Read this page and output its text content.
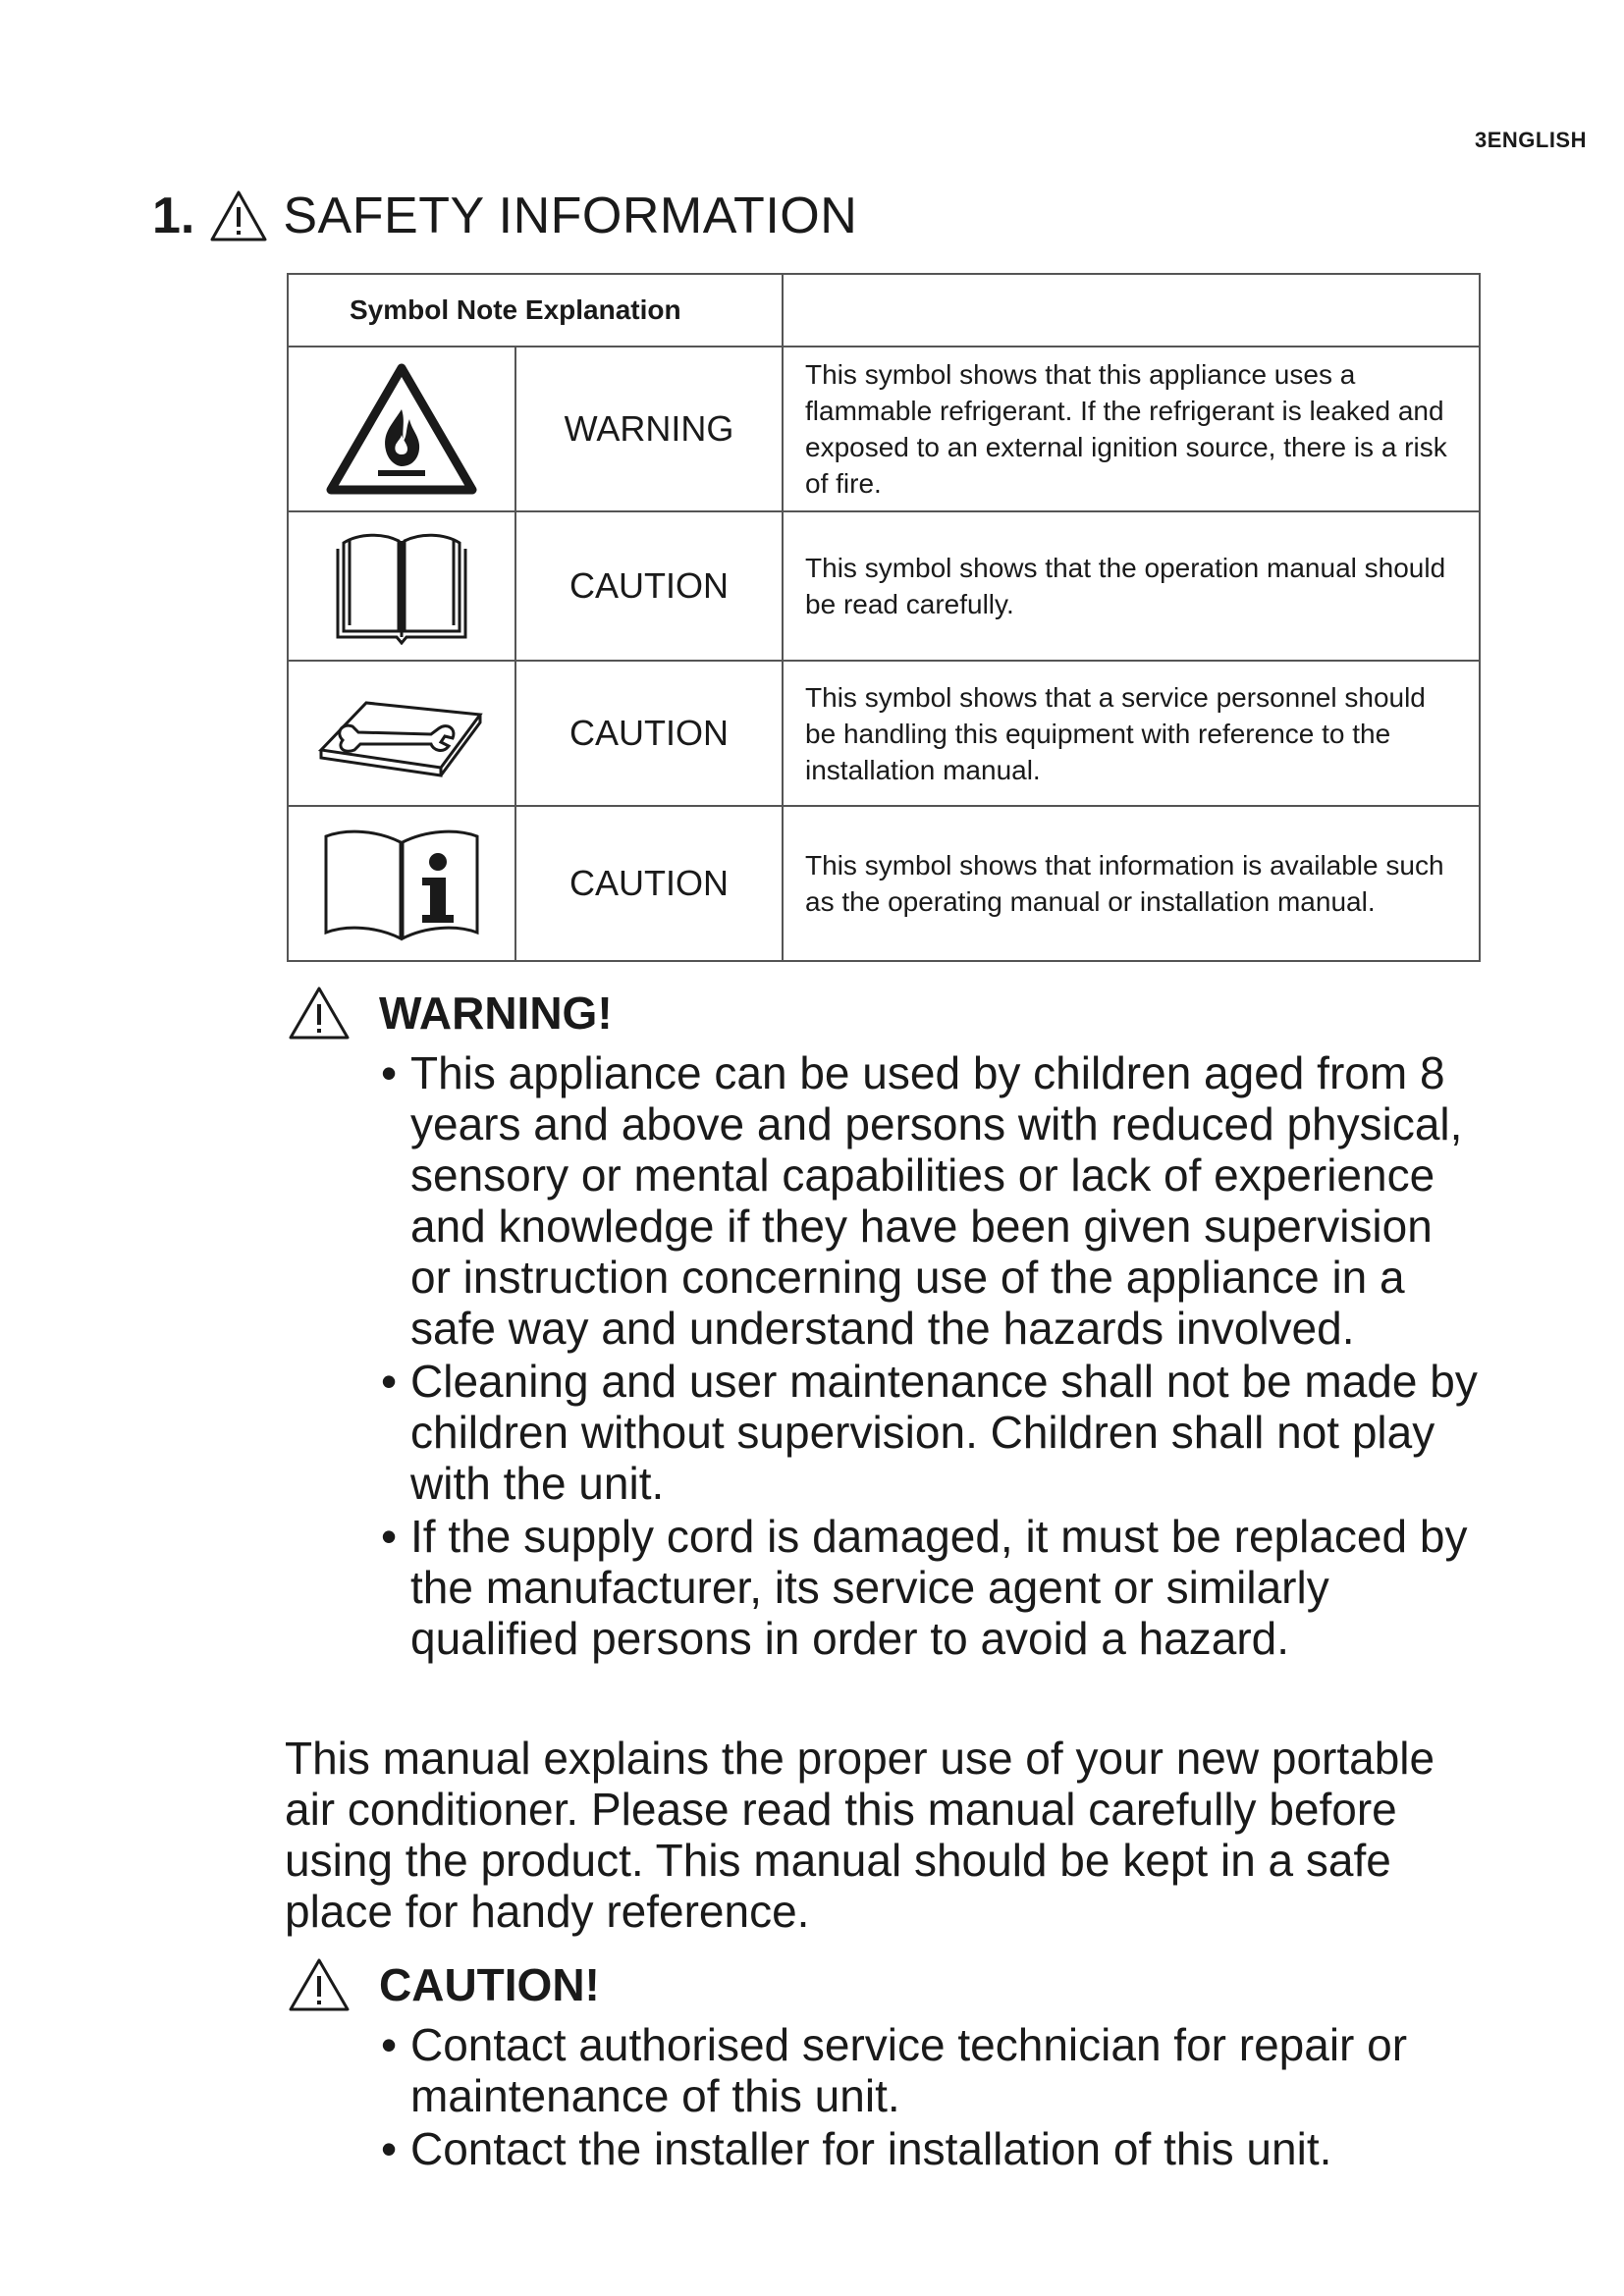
3ENGLISH
1. SAFETY INFORMATION
Symbol Note Explanation		

	WARNING	This symbol shows that this appliance uses a flammable refrigerant. If the refrigerant is leaked and exposed to an external ignition source, there is a risk of fire.

	CAUTION	This symbol shows that the operation manual should be read carefully.

	CAUTION	This symbol shows that a service personnel should be handling this equipment with reference to the installation manual.

	CAUTION	This symbol shows that information is available such as the operating manual or installation manual.
WARNING!
• This appliance can be used by children aged from 8 years and above and persons with reduced physical, sensory or mental capabilities or lack of experience and knowledge if they have been given supervision or instruction concerning use of the appliance in a safe way and understand the hazards involved.
• Cleaning and user maintenance shall not be made by children without supervision. Children shall not play with the unit.
• If the supply cord is damaged, it must be replaced by the manufacturer, its service agent or similarly qualified persons in order to avoid a hazard.
This manual explains the proper use of your new portable air conditioner. Please read this manual carefully before using the product. This manual should be kept in a safe place for handy reference.
CAUTION!
• Contact authorised service technician for repair or maintenance of this unit.
• Contact the installer for installation of this unit.
